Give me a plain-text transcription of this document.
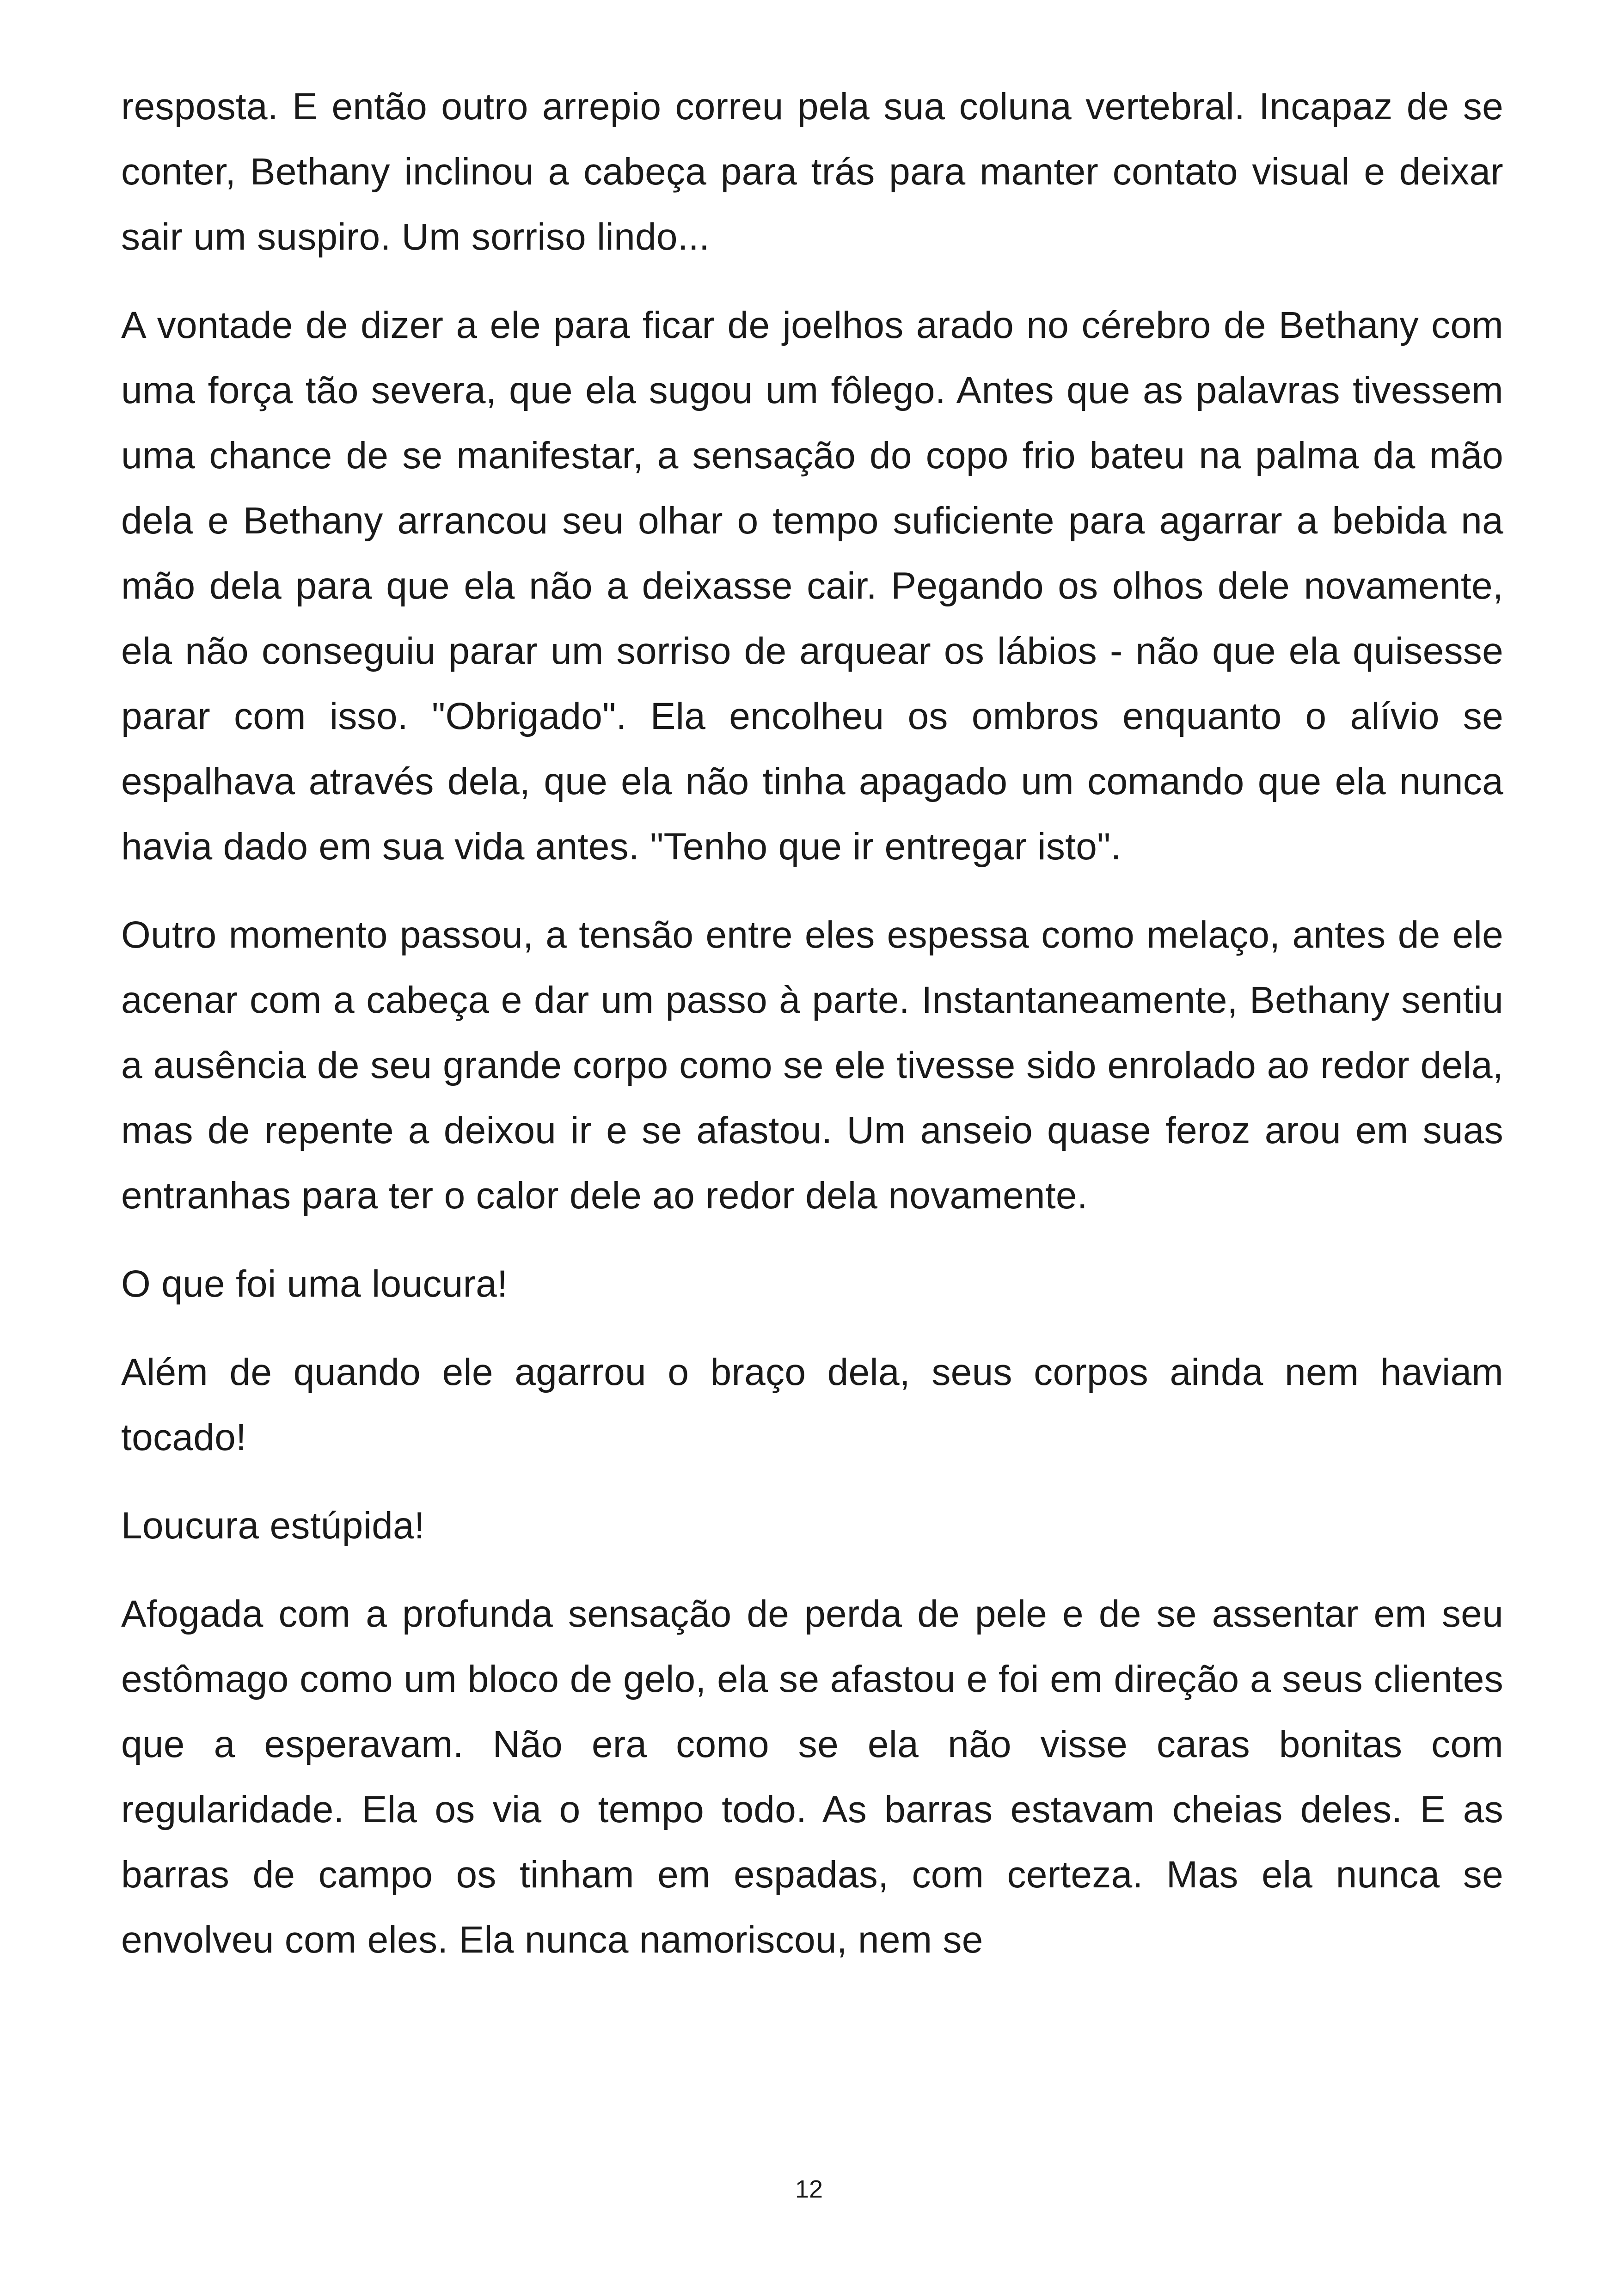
resposta. E então outro arrepio correu pela sua coluna vertebral. Incapaz de se conter, Bethany inclinou a cabeça para trás para manter contato visual e deixar sair um suspiro. Um sorriso lindo...

A vontade de dizer a ele para ficar de joelhos arado no cérebro de Bethany com uma força tão severa, que ela sugou um fôlego. Antes que as palavras tivessem uma chance de se manifestar, a sensação do copo frio bateu na palma da mão dela e Bethany arrancou seu olhar o tempo suficiente para agarrar a bebida na mão dela para que ela não a deixasse cair. Pegando os olhos dele novamente, ela não conseguiu parar um sorriso de arquear os lábios - não que ela quisesse parar com isso. "Obrigado". Ela encolheu os ombros enquanto o alívio se espalhava através dela, que ela não tinha apagado um comando que ela nunca havia dado em sua vida antes. "Tenho que ir entregar isto".

Outro momento passou, a tensão entre eles espessa como melaço, antes de ele acenar com a cabeça e dar um passo à parte. Instantaneamente, Bethany sentiu a ausência de seu grande corpo como se ele tivesse sido enrolado ao redor dela, mas de repente a deixou ir e se afastou. Um anseio quase feroz arou em suas entranhas para ter o calor dele ao redor dela novamente.

O que foi uma loucura!

Além de quando ele agarrou o braço dela, seus corpos ainda nem haviam tocado!

Loucura estúpida!

Afogada com a profunda sensação de perda de pele e de se assentar em seu estômago como um bloco de gelo, ela se afastou e foi em direção a seus clientes que a esperavam. Não era como se ela não visse caras bonitas com regularidade. Ela os via o tempo todo. As barras estavam cheias deles. E as barras de campo os tinham em espadas, com certeza. Mas ela nunca se envolveu com eles. Ela nunca namoriscou, nem se

12
